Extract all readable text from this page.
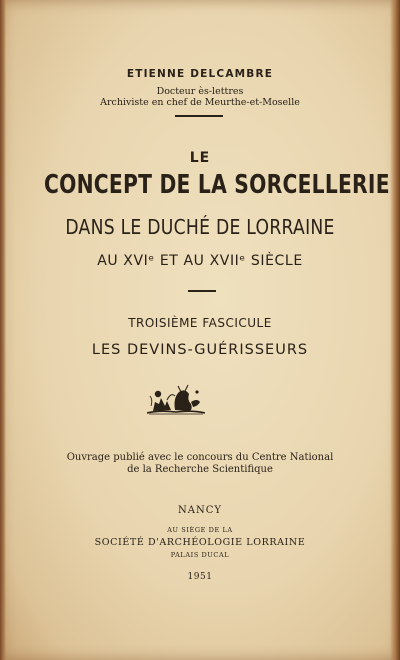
ETIENNE DELCAMBRE
Docteur ès-lettres
Archiviste en chef de Meurthe-et-Moselle
LE
CONCEPT DE LA SORCELLERIE
DANS LE DUCHÉ DE LORRAINE
AU XVIᵉ ET AU XVIIᵉ SIÈCLE
TROISIÈME FASCICULE
LES DEVINS-GUÉRISSEURS
Ouvrage publié avec le concours du Centre National
de la Recherche Scientifique
NANCY
AU SIÈGE DE LA
SOCIÉTÉ D'ARCHÉOLOGIE LORRAINE
PALAIS DUCAL
1951
